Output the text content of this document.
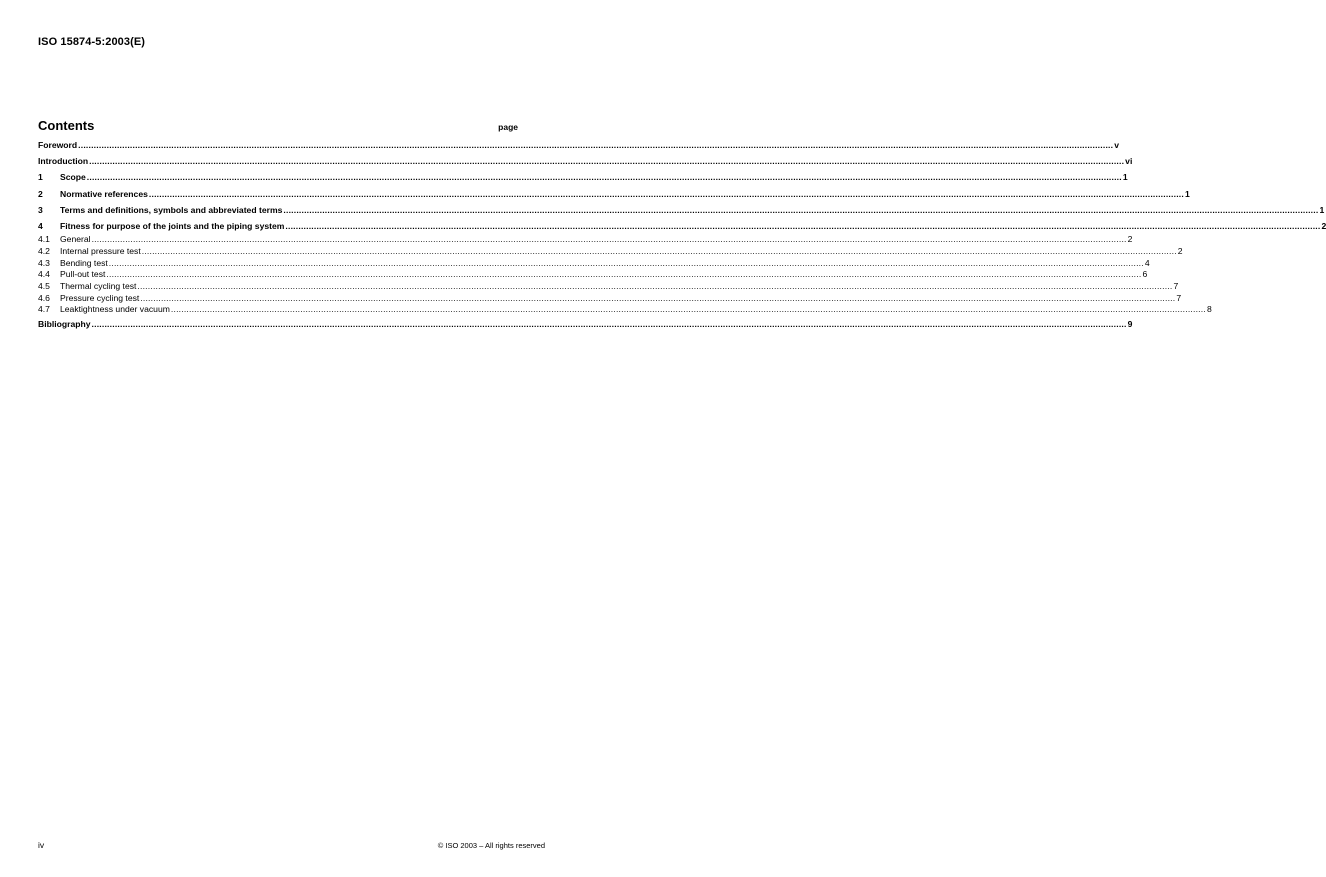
ISO 15874-5:2003(E)
Contents	page
Foreword ................................................................................................................................................................................................................................................................................................................................................................................................................ v
Introduction ................................................................................................................................................................................................................................................................................................................................................................................................................ vi
1	Scope ................................................................................................................................................................................................................................................................................................................................................................................................................ 1
2	Normative references ................................................................................................................................................................................................................................................................................................................................................................................................................ 1
3	Terms and definitions, symbols and abbreviated terms ................................................................................................................................................................................................................................................................................................................................................................................................................ 1
4	Fitness for purpose of the joints and the piping system ................................................................................................................................................................................................................................................................................................................................................................................................................ 2
4.1	General ................................................................................................................................................................................................................................................................................................................................................................................................................ 2
4.2	Internal pressure test ................................................................................................................................................................................................................................................................................................................................................................................................................ 2
4.3	Bending test ................................................................................................................................................................................................................................................................................................................................................................................................................ 4
4.4	Pull-out test ................................................................................................................................................................................................................................................................................................................................................................................................................ 6
4.5	Thermal cycling test ................................................................................................................................................................................................................................................................................................................................................................................................................ 7
4.6	Pressure cycling test ................................................................................................................................................................................................................................................................................................................................................................................................................ 7
4.7	Leaktightness under vacuum ................................................................................................................................................................................................................................................................................................................................................................................................................ 8
Bibliography ................................................................................................................................................................................................................................................................................................................................................................................................................ 9
iv	© ISO 2003 – All rights reserved
